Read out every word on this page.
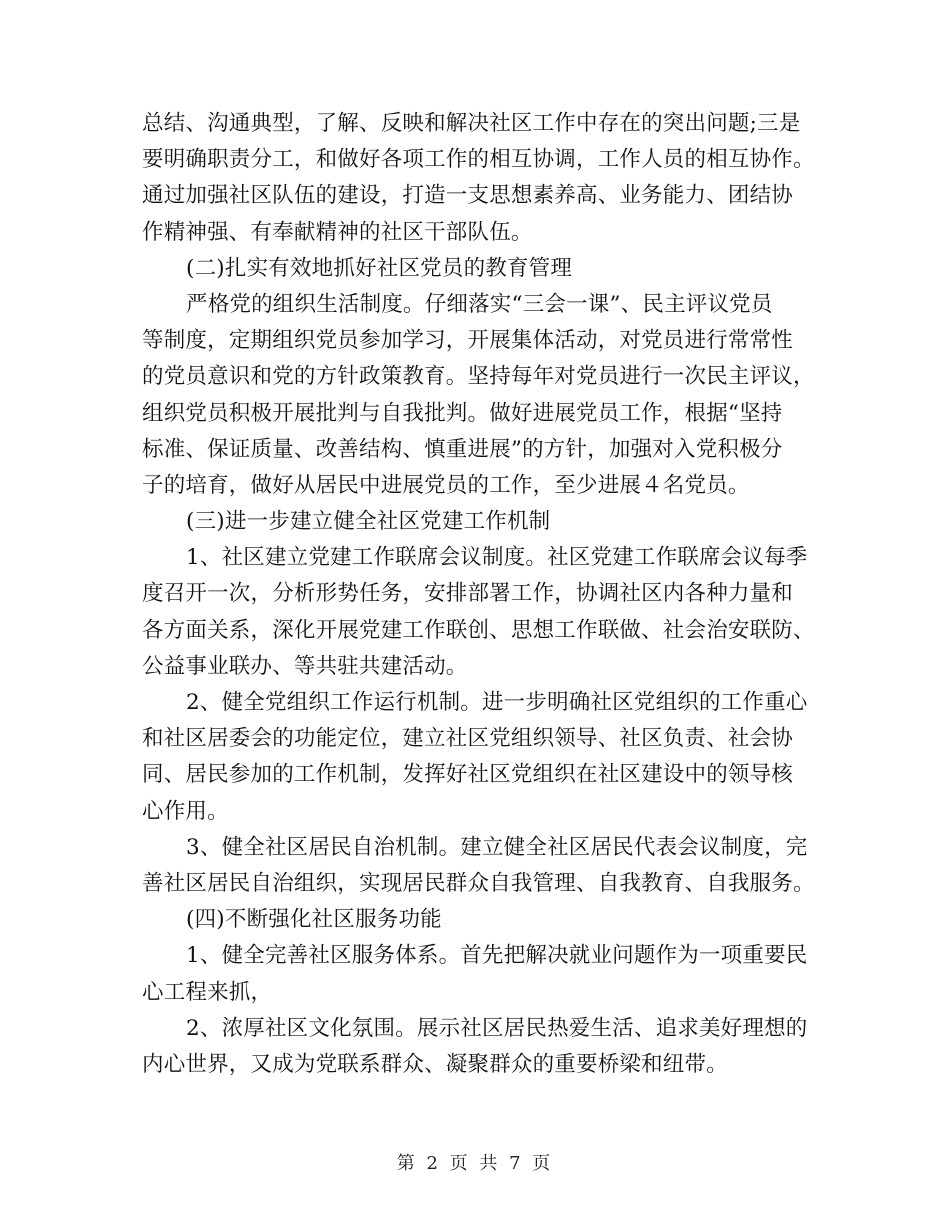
总结、沟通典型，了解、反映和解决社区工作中存在的突出问题;三是
要明确职责分工，和做好各项工作的相互协调，工作人员的相互协作。
通过加强社区队伍的建设，打造一支思想素养高、业务能力、团结协
作精神强、有奉献精神的社区干部队伍。
(二)扎实有效地抓好社区党员的教育管理
严格党的组织生活制度。仔细落实“三会一课”、民主评议党员
等制度，定期组织党员参加学习，开展集体活动，对党员进行常常性
的党员意识和党的方针政策教育。坚持每年对党员进行一次民主评议，
组织党员积极开展批判与自我批判。做好进展党员工作，根据“坚持
标准、保证质量、改善结构、慎重进展”的方针，加强对入党积极分
子的培育，做好从居民中进展党员的工作，至少进展４名党员。
(三)进一步建立健全社区党建工作机制
1、社区建立党建工作联席会议制度。社区党建工作联席会议每季
度召开一次，分析形势任务，安排部署工作，协调社区内各种力量和
各方面关系，深化开展党建工作联创、思想工作联做、社会治安联防、
公益事业联办、等共驻共建活动。
2、健全党组织工作运行机制。进一步明确社区党组织的工作重心
和社区居委会的功能定位，建立社区党组织领导、社区负责、社会协
同、居民参加的工作机制，发挥好社区党组织在社区建设中的领导核
心作用。
3、健全社区居民自治机制。建立健全社区居民代表会议制度，完
善社区居民自治组织，实现居民群众自我管理、自我教育、自我服务。
(四)不断强化社区服务功能
1、健全完善社区服务体系。首先把解决就业问题作为一项重要民
心工程来抓，
2、浓厚社区文化氛围。展示社区居民热爱生活、追求美好理想的
内心世界，又成为党联系群众、凝聚群众的重要桥梁和纽带。
第 2 页 共 7 页
